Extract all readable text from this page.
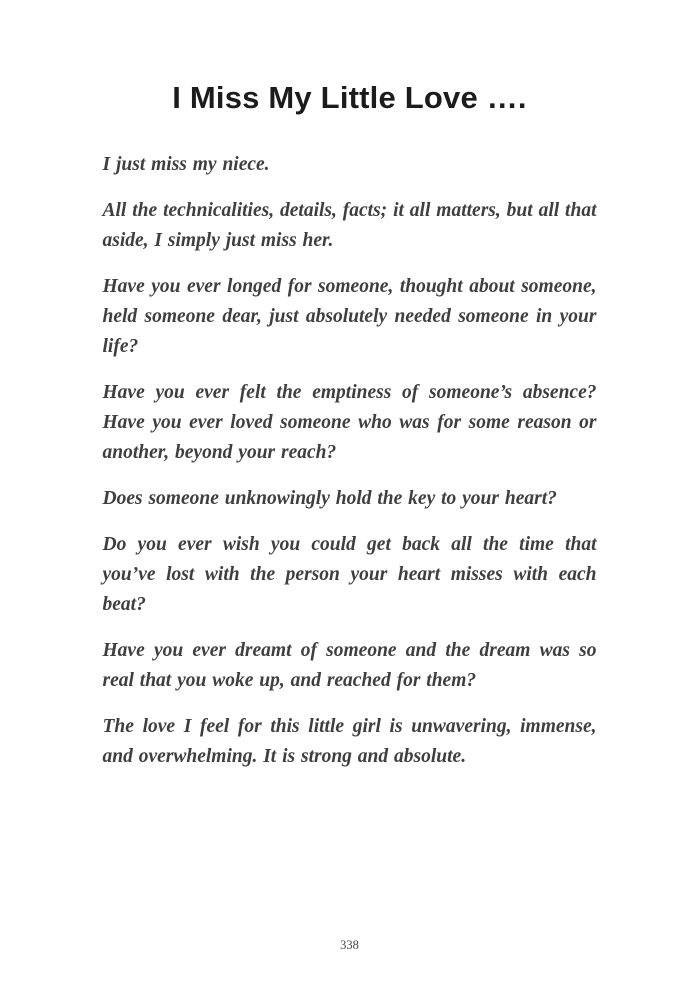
I Miss My Little Love ….

I just miss my niece.

All the technicalities, details, facts; it all matters, but all that aside, I simply just miss her.

Have you ever longed for someone, thought about someone, held someone dear, just absolutely needed someone in your life?

Have you ever felt the emptiness of someone’s absence? Have you ever loved someone who was for some reason or another, beyond your reach?

Does someone unknowingly hold the key to your heart?

Do you ever wish you could get back all the time that you’ve lost with the person your heart misses with each beat?

Have you ever dreamt of someone and the dream was so real that you woke up, and reached for them?

The love I feel for this little girl is unwavering, immense, and overwhelming. It is strong and absolute.

338
